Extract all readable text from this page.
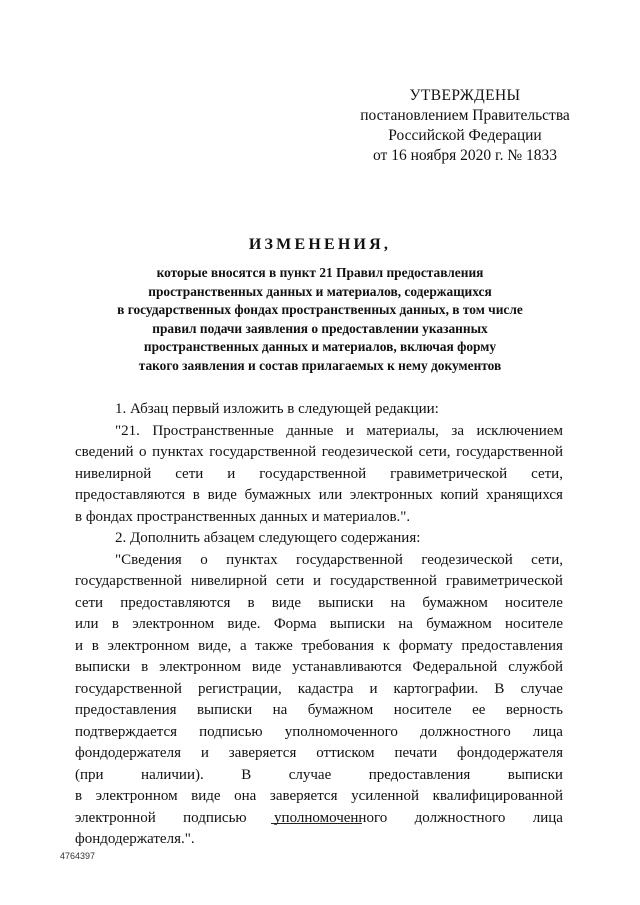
УТВЕРЖДЕНЫ
постановлением Правительства
Российской Федерации
от 16 ноября 2020 г. № 1833
ИЗМЕНЕНИЯ,
которые вносятся в пункт 21 Правил предоставления
пространственных данных и материалов, содержащихся
в государственных фондах пространственных данных, в том числе
правил подачи заявления о предоставлении указанных
пространственных данных и материалов, включая форму
такого заявления и состав прилагаемых к нему документов
1. Абзац первый изложить в следующей редакции:
"21. Пространственные данные и материалы, за исключением
сведений о пунктах государственной геодезической сети, государственной
нивелирной сети и государственной гравиметрической сети,
предоставляются в виде бумажных или электронных копий хранящихся
в фондах пространственных данных и материалов.".
2. Дополнить абзацем следующего содержания:
"Сведения о пунктах государственной геодезической сети,
государственной нивелирной сети и государственной гравиметрической
сети предоставляются в виде выписки на бумажном носителе
или в электронном виде. Форма выписки на бумажном носителе
и в электронном виде, а также требования к формату предоставления
выписки в электронном виде устанавливаются Федеральной службой
государственной регистрации, кадастра и картографии. В случае
предоставления выписки на бумажном носителе ее верность
подтверждается подписью уполномоченного должностного лица
фондодержателя и заверяется оттиском печати фондодержателя
(при наличии). В случае предоставления выписки
в электронном виде она заверяется усиленной квалифицированной
электронной подписью уполномоченного должностного лица
фондодержателя.".
4764397
